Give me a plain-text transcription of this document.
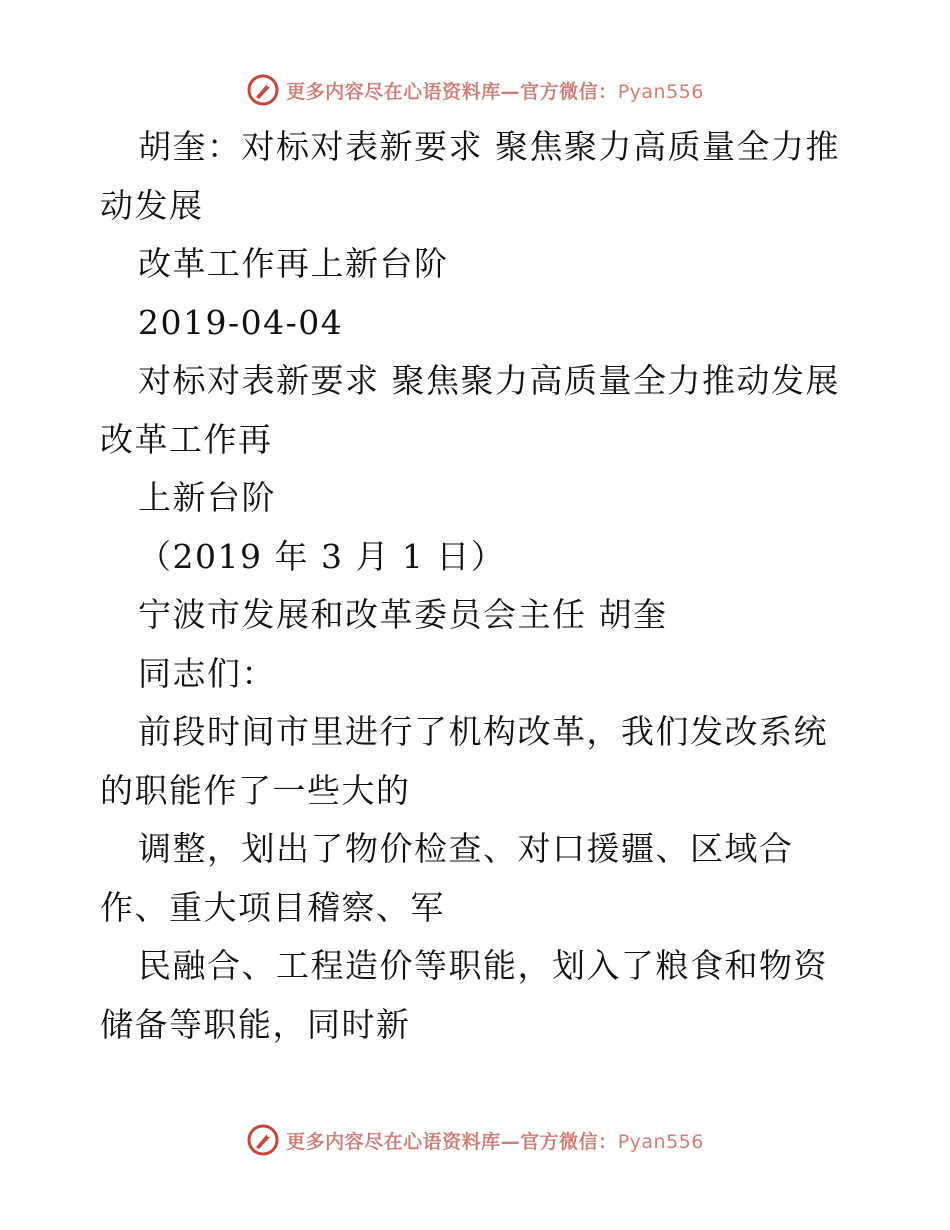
更多内容尽在心语资料库—官方微信：Pyan556

胡奎：对标对表新要求 聚焦聚力高质量全力推动发展

改革工作再上新台阶

2019-04-04

对标对表新要求 聚焦聚力高质量全力推动发展改革工作再

上新台阶

（2019 年 3 月 1 日）

宁波市发展和改革委员会主任 胡奎

同志们：

前段时间市里进行了机构改革，我们发改系统的职能作了一些大的

调整，划出了物价检查、对口援疆、区域合作、重大项目稽察、军

民融合、工程造价等职能，划入了粮食和物资储备等职能，同时新

更多内容尽在心语资料库—官方微信：Pyan556
